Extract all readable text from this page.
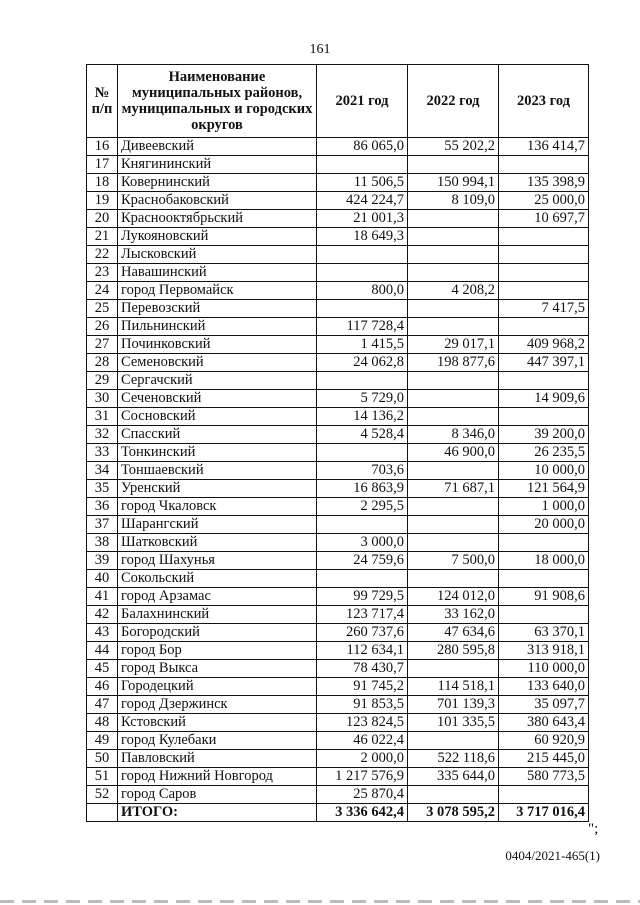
161
№ п/п	Наименование муниципальных районов, муниципальных и городских округов	2021 год	2022 год	2023 год
16	Дивеевский	86 065,0	55 202,2	136 414,7
17	Княгининский			
18	Ковернинский	11 506,5	150 994,1	135 398,9
19	Краснобаковский	424 224,7	8 109,0	25 000,0
20	Краснооктябрьский	21 001,3		10 697,7
21	Лукояновский	18 649,3		
22	Лысковский			
23	Навашинский			
24	город Первомайск	800,0	4 208,2	
25	Перевозский			7 417,5
26	Пильнинский	117 728,4		
27	Починковский	1 415,5	29 017,1	409 968,2
28	Семеновский	24 062,8	198 877,6	447 397,1
29	Сергачский			
30	Сеченовский	5 729,0		14 909,6
31	Сосновский	14 136,2		
32	Спасский	4 528,4	8 346,0	39 200,0
33	Тонкинский		46 900,0	26 235,5
34	Тоншаевский	703,6		10 000,0
35	Уренский	16 863,9	71 687,1	121 564,9
36	город Чкаловск	2 295,5		1 000,0
37	Шарангский			20 000,0
38	Шатковский	3 000,0		
39	город Шахунья	24 759,6	7 500,0	18 000,0
40	Сокольский			
41	город Арзамас	99 729,5	124 012,0	91 908,6
42	Балахнинский	123 717,4	33 162,0	
43	Богородский	260 737,6	47 634,6	63 370,1
44	город Бор	112 634,1	280 595,8	313 918,1
45	город Выкса	78 430,7		110 000,0
46	Городецкий	91 745,2	114 518,1	133 640,0
47	город Дзержинск	91 853,5	701 139,3	35 097,7
48	Кстовский	123 824,5	101 335,5	380 643,4
49	город Кулебаки	46 022,4		60 920,9
50	Павловский	2 000,0	522 118,6	215 445,0
51	город Нижний Новгород	1 217 576,9	335 644,0	580 773,5
52	город Саров	25 870,4		
	ИТОГО:	3 336 642,4	3 078 595,2	3 717 016,4
";
0404/2021-465(1)
